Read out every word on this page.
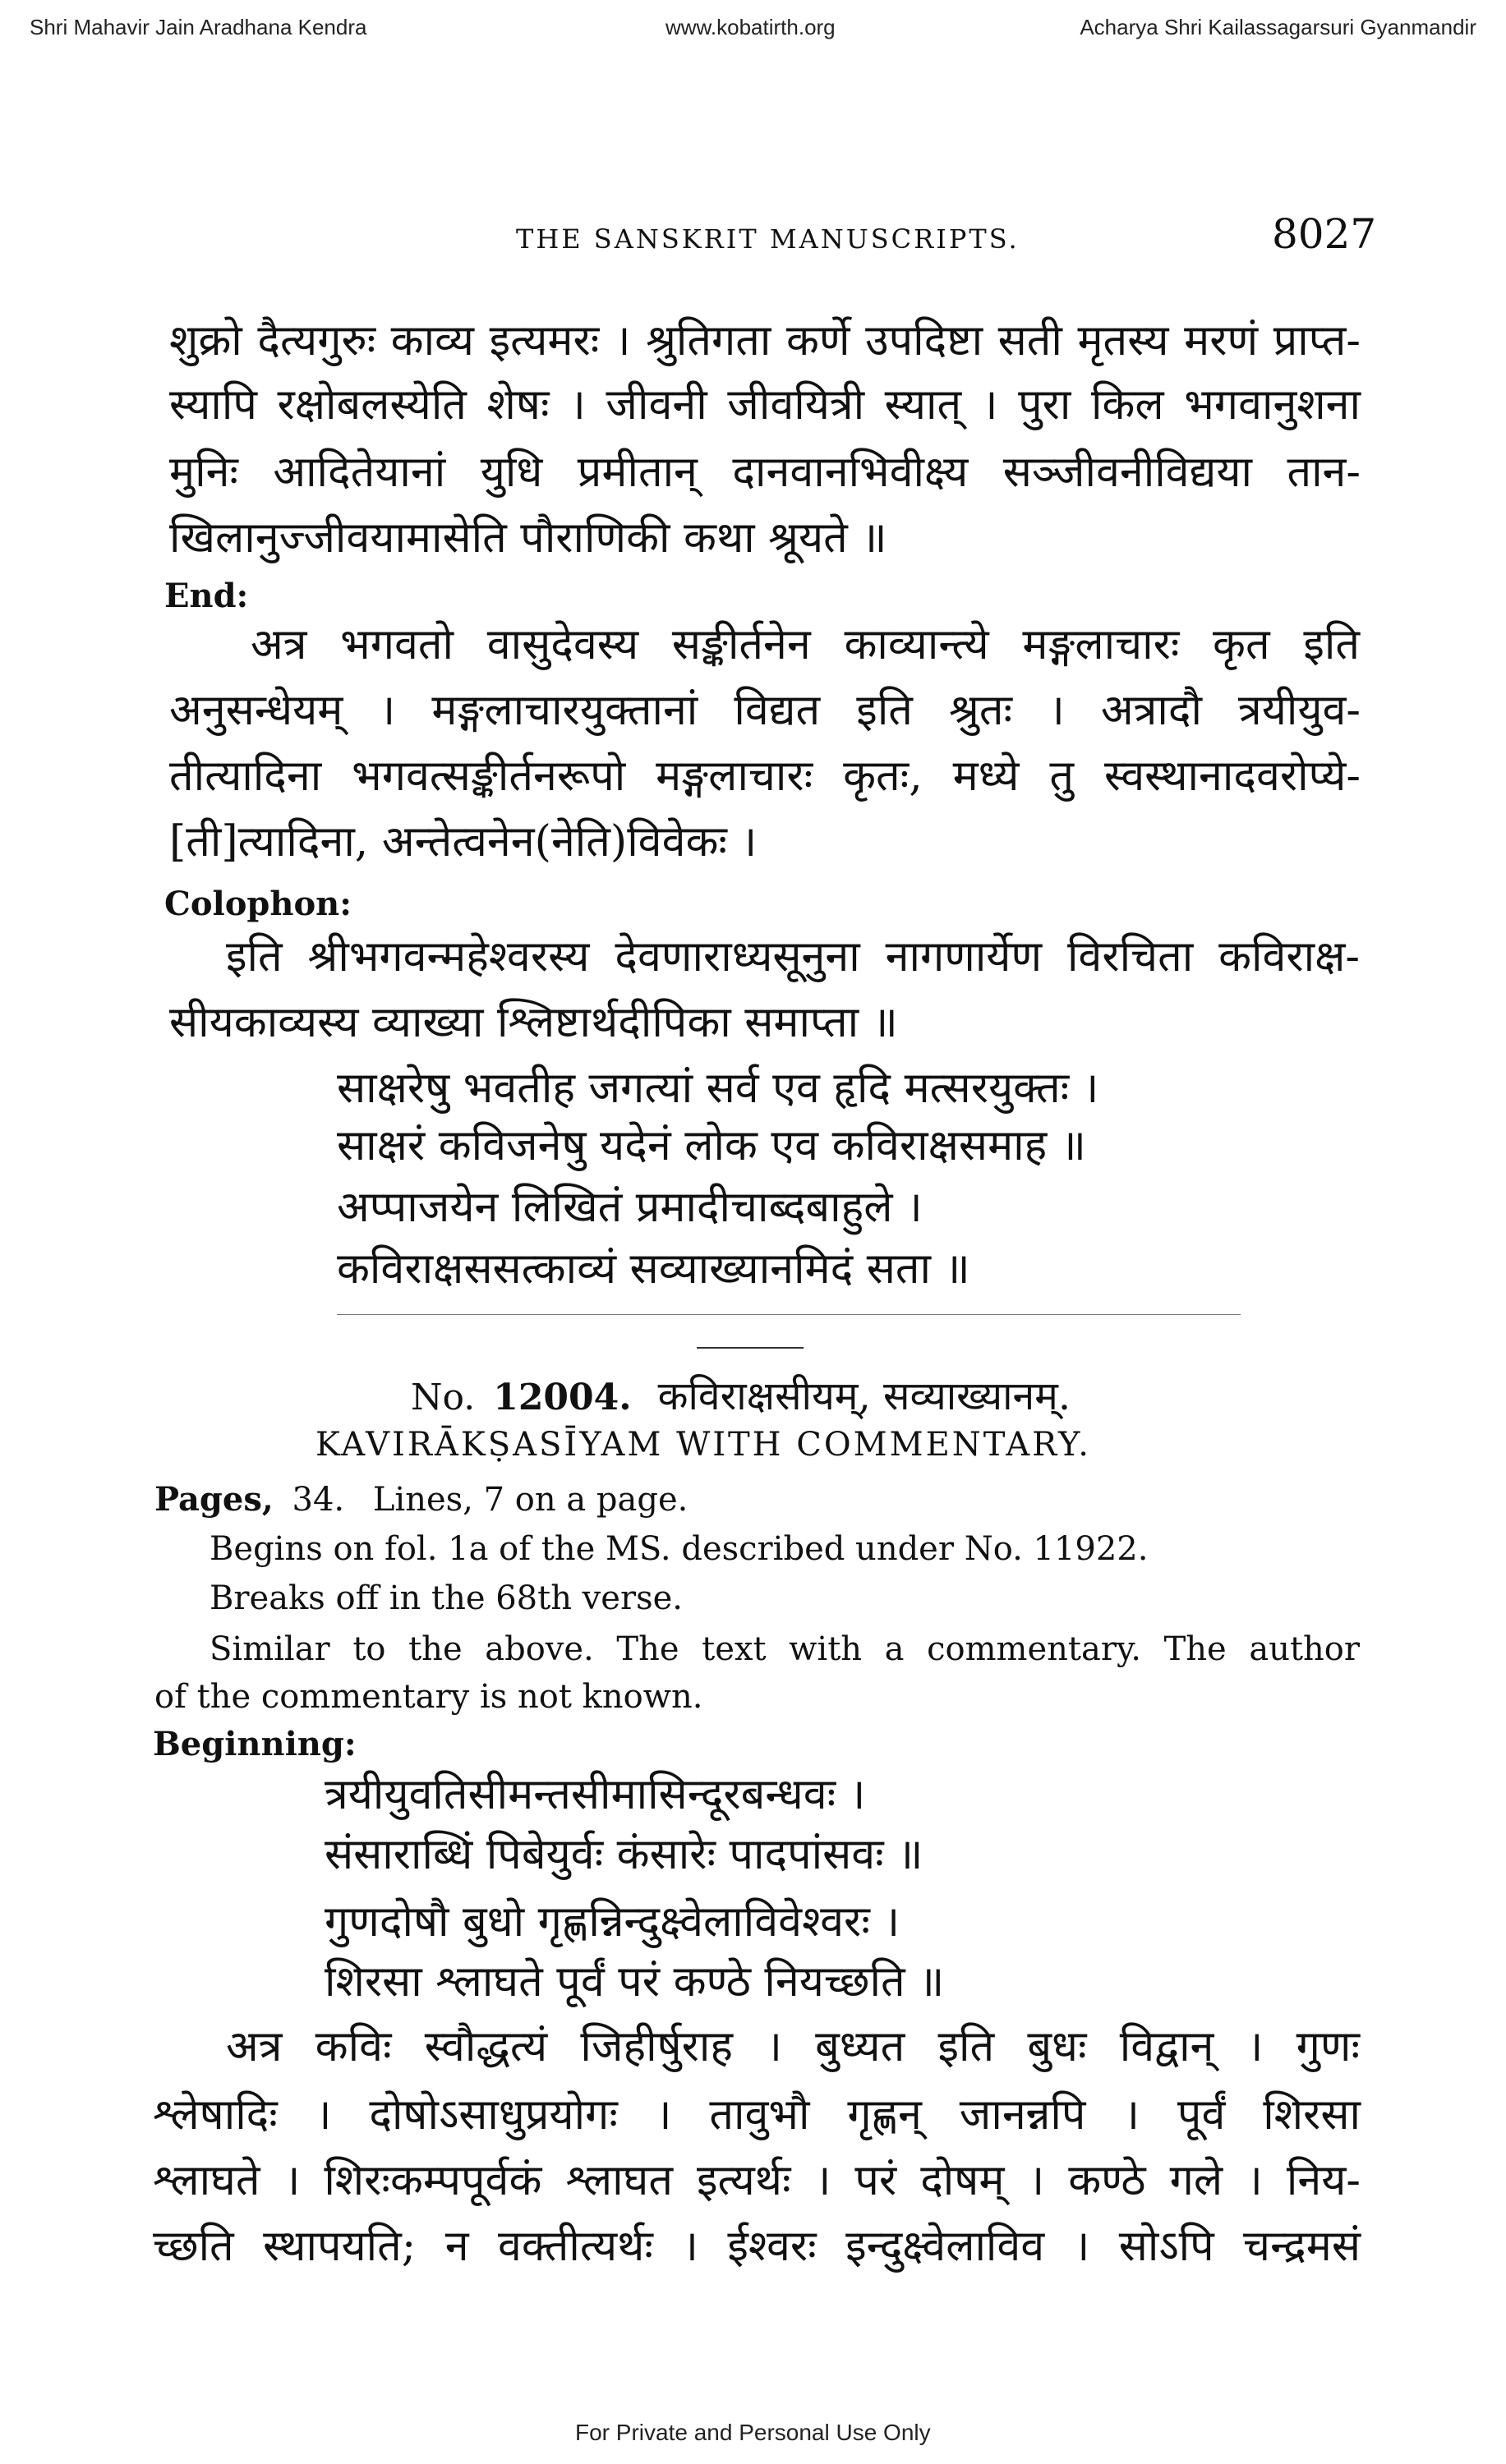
Shri Mahavir Jain Aradhana Kendra	www.kobatirth.org	Acharya Shri Kailassagarsuri Gyanmandir
THE SANSKRIT MANUSCRIPTS.	8027
शुक्रो दैत्यगुरुः काव्य इत्यमरः । श्रुतिगता कर्णे उपदिष्टा सती मृतस्य मरणं प्राप्त-
स्यापि रक्षोबलस्येति शेषः । जीवनी जीवयित्री स्यात् । पुरा किल भगवानुशना
मुनिः आदितेयानां युधि प्रमीतान् दानवानभिवीक्ष्य सञ्जीवनीविद्यया तान-
खिलानुज्जीवयामासेति पौराणिकी कथा श्रूयते ॥
End:
अत्र भगवतो वासुदेवस्य सङ्कीर्तनेन काव्यान्त्ये मङ्गलाचारः कृत इति
अनुसन्धेयम् । मङ्गलाचारयुक्तानां विद्यत इति श्रुतः । अत्रादौ त्रयीयुव-
तीत्यादिना भगवत्सङ्कीर्तनरूपो मङ्गलाचारः कृतः, मध्ये तु स्वस्थानादवरोप्ये-
[ती]त्यादिना, अन्तेत्वनेन(नेति)विवेकः ।
Colophon:
इति श्रीभगवन्महेश्वरस्य देवणाराध्यसूनुना नागणार्येण विरचिता कविराक्ष-
सीयकाव्यस्य व्याख्या श्लिष्टार्थदीपिका समाप्ता ॥
साक्षरेषु भवतीह जगत्यां सर्व एव हृदि मत्सरयुक्तः ।
साक्षरं कविजनेषु यदेनं लोक एव कविराक्षसमाह ॥
अप्पाजयेन लिखितं प्रमादीचाब्दबाहुले ।
कविराक्षससत्काव्यं सव्याख्यानमिदं सता ॥
No. 12004. कविराक्षसीयम्, सव्याख्यानम्.
KAVIRĀKṢASĪYAM WITH COMMENTARY.
Pages, 34. Lines, 7 on a page.
Begins on fol. 1a of the MS. described under No. 11922.
Breaks off in the 68th verse.
Similar to the above. The text with a commentary. The author
of the commentary is not known.
Beginning:
त्रयीयुवतिसीमन्तसीमासिन्दूरबन्धवः ।
संसाराब्धिं पिबेयुर्वः कंसारेः पादपांसवः ॥
गुणदोषौ बुधो गृह्णन्निन्दुक्ष्वेलाविवेश्वरः ।
शिरसा श्लाघते पूर्वं परं कण्ठे नियच्छति ॥
अत्र कविः स्वौद्धत्यं जिहीर्षुराह । बुध्यत इति बुधः विद्वान् । गुणः
श्लेषादिः । दोषोऽसाधुप्रयोगः । तावुभौ गृह्णन् जानन्नपि । पूर्वं शिरसा
श्लाघते । शिरःकम्पपूर्वकं श्लाघत इत्यर्थः । परं दोषम् । कण्ठे गले । निय-
च्छति स्थापयति; न वक्तीत्यर्थः । ईश्वरः इन्दुक्ष्वेलाविव । सोऽपि चन्द्रमसं
For Private and Personal Use Only
